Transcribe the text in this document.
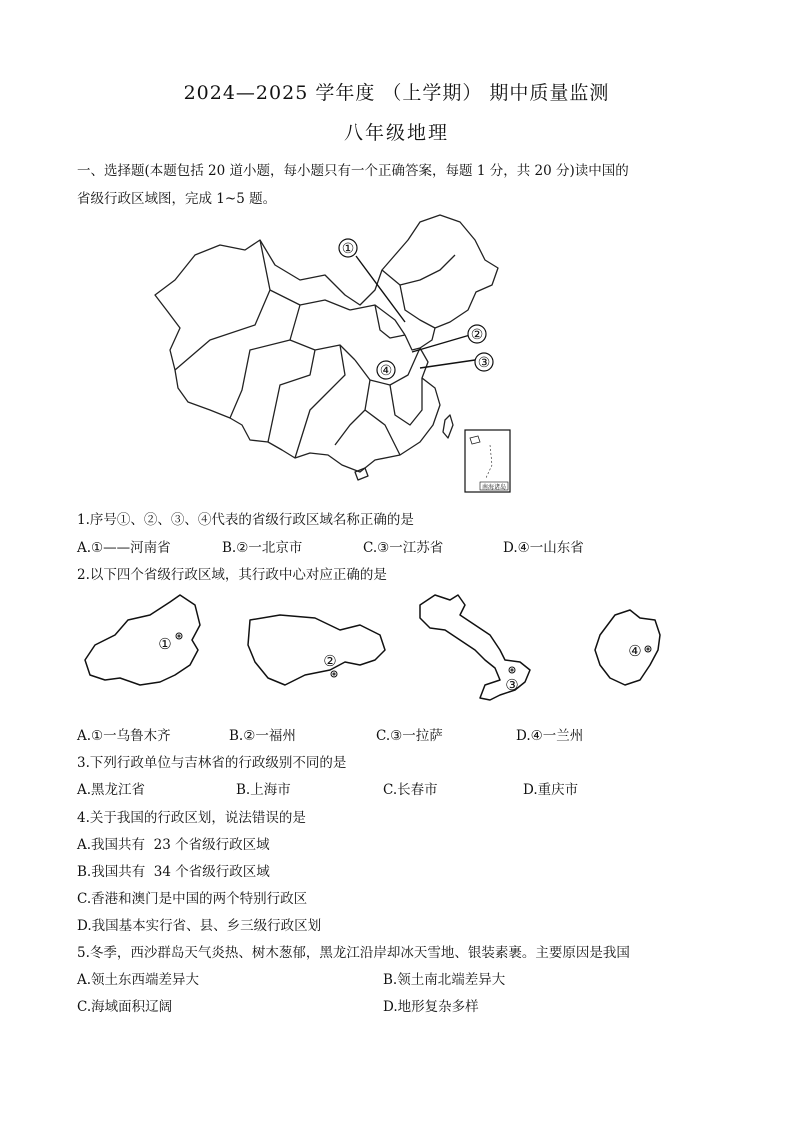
2024—2025 学年度 （上学期） 期中质量监测
八年级地理
一、选择题(本题包括 20 道小题，每小题只有一个正确答案，每题 1 分，共 20 分)读中国的
省级行政区域图，完成 1~5 题。
①
②
③
④
南海诸岛
1.序号①、②、③、④代表的省级行政区域名称正确的是
A.①——河南省	B.②一北京市	C.③一江苏省	D.④一山东省
2.以下四个省级行政区域，其行政中心对应正确的是
①
②
③
④
A.①一乌鲁木齐	B.②一福州	C.③一拉萨	D.④一兰州
3.下列行政单位与吉林省的行政级别不同的是
A.黑龙江省	B.上海市	C.长春市	D.重庆市
4.关于我国的行政区划，说法错误的是
A.我国共有  23 个省级行政区域
B.我国共有  34 个省级行政区域
C.香港和澳门是中国的两个特别行政区
D.我国基本实行省、县、乡三级行政区划
5.冬季，西沙群岛天气炎热、树木葱郁，黑龙江沿岸却冰天雪地、银装素裹。主要原因是我国
A.领土东西端差异大	B.领土南北端差异大
C.海域面积辽阔	D.地形复杂多样
